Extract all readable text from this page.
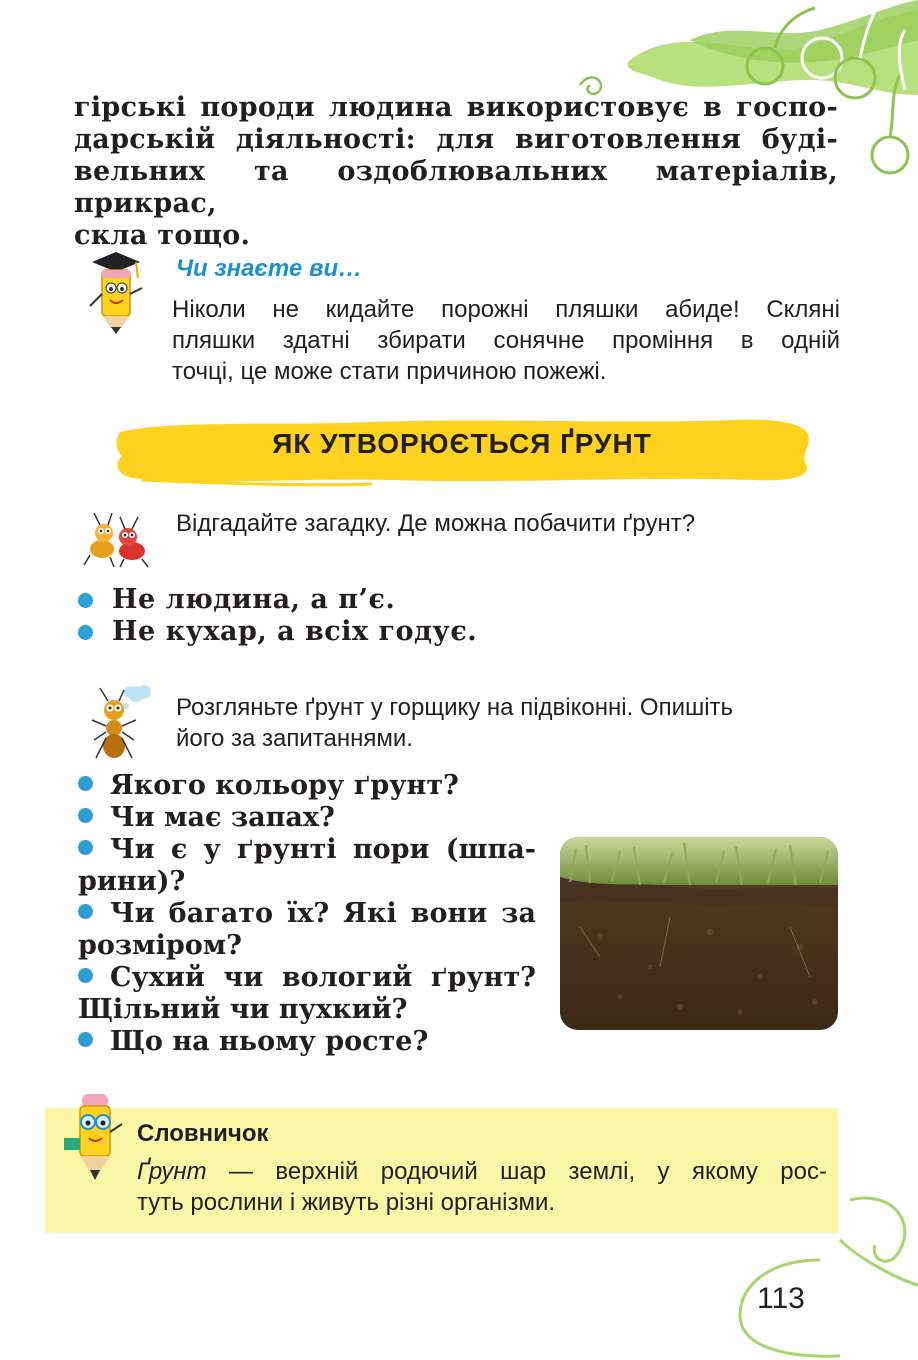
гірські породи людина використовує в госпо-
дарській діяльності: для виготовлення буді-
вельних та оздоблювальних матеріалів, прикрас,
скла тощо.
Чи знаєте ви…
Ніколи не кидайте порожні пляшки абиде! Скляні
пляшки здатні збирати сонячне проміння в одній
точці, це може стати причиною пожежі.
ЯК УТВОРЮЄТЬСЯ ҐРУНТ
Відгадайте загадку. Де можна побачити ґрунт?
Не людина, а п’є.
Не кухар, а всіх годує.
Розгляньте ґрунт у горщику на підвіконні. Опишіть
його за запитаннями.
Якого кольору ґрунт?
Чи має запах?
Чи є у ґрунті пори (шпа-
рини)?
Чи багато їх? Які вони за
розміром?
Сухий чи вологий ґрунт?
Щільний чи пухкий?
Що на ньому росте?
Словничок
Ґрунт — верхній родючий шар землі, у якому рос-
туть рослини і живуть різні організми.
113
